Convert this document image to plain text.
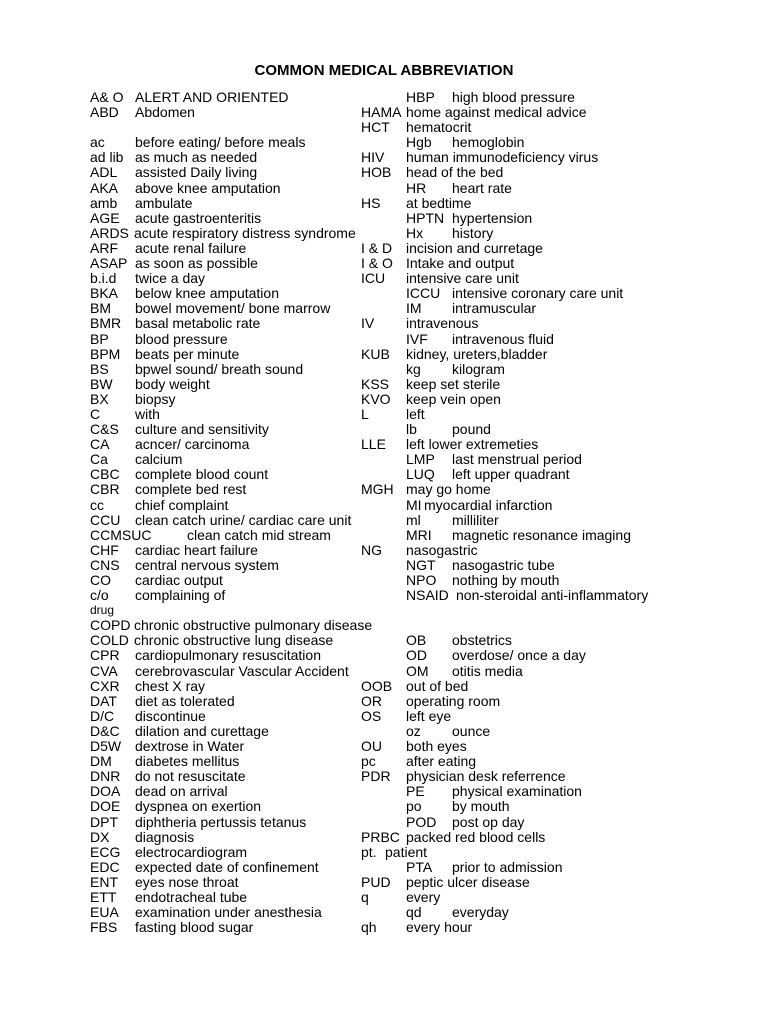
COMMON MEDICAL ABBREVIATION
A& O ALERT AND ORIENTED
ABD Abdomen
ac before eating/ before meals
ad lib as much as needed
ADL assisted Daily living
AKA above knee amputation
amb ambulate
AGE acute gastroenteritis
ARDS acute respiratory distress syndrome
ARF acute renal failure
ASAP as soon as possible
b.i.d twice a day
BKA below knee amputation
BM bowel movement/ bone marrow
BMR basal metabolic rate
BP blood pressure
BPM beats per minute
BS bpwel sound/ breath sound
BW body weight
BX biopsy
C with
C&S culture and sensitivity
CA acncer/ carcinoma
Ca calcium
CBC complete blood count
CBR complete bed rest
cc chief complaint
CCU clean catch urine/ cardiac care unit
CCMSUC	clean catch mid stream
CHF cardiac heart failure
CNS central nervous system
CO cardiac output
c/o complaining of
drug
COPD chronic obstructive pulmonary disease
COLD chronic obstructive lung disease
CPR cardiopulmonary resuscitation
CVA cerebrovascular Vascular Accident
CXR chest X ray
DAT diet as tolerated
D/C discontinue
D&C dilation and curettage
D5W dextrose in Water
DM diabetes mellitus
DNR do not resuscitate
DOA dead on arrival
DOE dyspnea on exertion
DPT diphtheria pertussis tetanus
DX diagnosis
ECG electrocardiogram
EDC expected date of confinement
ENT eyes nose throat
ETT endotracheal tube
EUA examination under anesthesia
FBS fasting blood sugar
HBP high blood pressure
HAMA home against medical advice
HCT hematocrit
Hgb hemoglobin
HIV human immunodeficiency virus
HOB head of the bed
HR heart rate
HS at bedtime
HPTN hypertension
Hx history
I & D incision and curretage
I & O Intake and output
ICU intensive care unit
ICCU intensive coronary care unit
IM intramuscular
IV intravenous
IVF intravenous fluid
KUB kidney, ureters,bladder
kg kilogram
KSS keep set sterile
KVO keep vein open
L	left
lb	pound
LLE left lower extremeties
LMP last menstrual period
LUQ left upper quadrant
MGH may go home
MI myocardial infarction
ml milliliter
MRI magnetic resonance imaging
NG nasogastric
NGT nasogastric tube
NPO nothing by mouth
NSAID non-steroidal anti-inflammatory
OB obstetrics
OD overdose/ once a day
OM otitis media
OOB out of bed
OR operating room
OS left eye
oz ounce
OU both eyes
pc after eating
PDR physician desk referrence
PE physical examination
po by mouth
POD post op day
PRBC packed red blood cells
pt. patient
PTA prior to admission
PUD peptic ulcer disease
q	every
qd everyday
qh every hour
